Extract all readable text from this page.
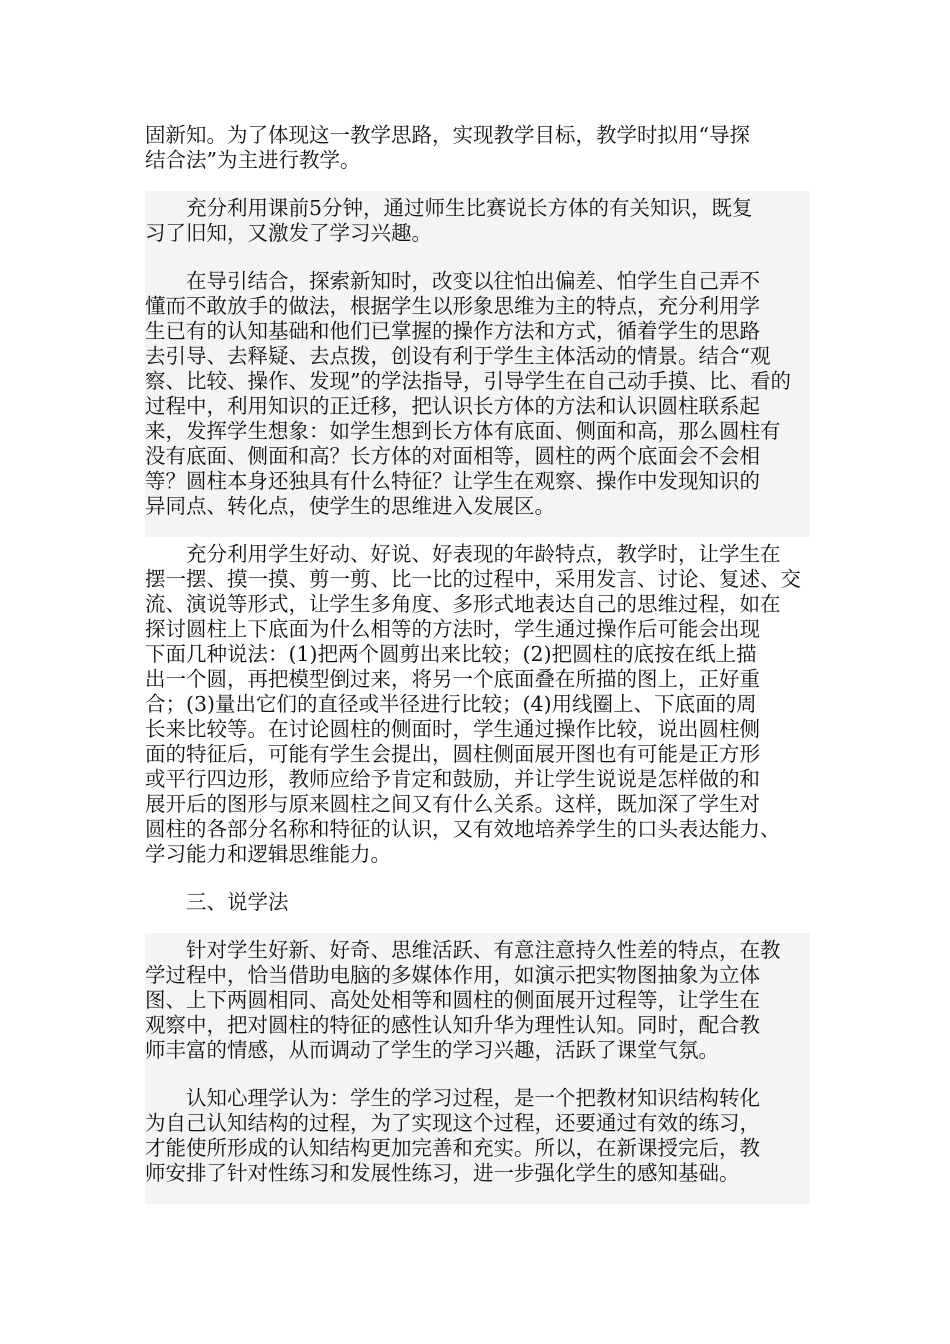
固新知。为了体现这一教学思路，实现教学目标，教学时拟用“导探
结合法”为主进行教学。
　　充分利用课前5分钟，通过师生比赛说长方体的有关知识，既复
习了旧知，又激发了学习兴趣。
　　在导引结合，探索新知时，改变以往怕出偏差、怕学生自己弄不
懂而不敢放手的做法，根据学生以形象思维为主的特点，充分利用学
生已有的认知基础和他们已掌握的操作方法和方式，循着学生的思路
去引导、去释疑、去点拨，创设有利于学生主体活动的情景。结合“观
察、比较、操作、发现”的学法指导，引导学生在自己动手摸、比、看的
过程中，利用知识的正迁移，把认识长方体的方法和认识圆柱联系起
来，发挥学生想象：如学生想到长方体有底面、侧面和高，那么圆柱有
没有底面、侧面和高？长方体的对面相等，圆柱的两个底面会不会相
等？圆柱本身还独具有什么特征？让学生在观察、操作中发现知识的
异同点、转化点，使学生的思维进入发展区。
　　充分利用学生好动、好说、好表现的年龄特点，教学时，让学生在
摆一摆、摸一摸、剪一剪、比一比的过程中，采用发言、讨论、复述、交
流、演说等形式，让学生多角度、多形式地表达自己的思维过程，如在
探讨圆柱上下底面为什么相等的方法时，学生通过操作后可能会出现
下面几种说法：(1)把两个圆剪出来比较；(2)把圆柱的底按在纸上描
出一个圆，再把模型倒过来，将另一个底面叠在所描的图上，正好重
合；(3)量出它们的直径或半径进行比较；(4)用线圈上、下底面的周
长来比较等。在讨论圆柱的侧面时，学生通过操作比较，说出圆柱侧
面的特征后，可能有学生会提出，圆柱侧面展开图也有可能是正方形
或平行四边形，教师应给予肯定和鼓励，并让学生说说是怎样做的和
展开后的图形与原来圆柱之间又有什么关系。这样，既加深了学生对
圆柱的各部分名称和特征的认识，又有效地培养学生的口头表达能力、
学习能力和逻辑思维能力。
　　三、说学法
　　针对学生好新、好奇、思维活跃、有意注意持久性差的特点，在教
学过程中，恰当借助电脑的多媒体作用，如演示把实物图抽象为立体
图、上下两圆相同、高处处相等和圆柱的侧面展开过程等，让学生在
观察中，把对圆柱的特征的感性认知升华为理性认知。同时，配合教
师丰富的情感，从而调动了学生的学习兴趣，活跃了课堂气氛。
　　认知心理学认为：学生的学习过程，是一个把教材知识结构转化
为自己认知结构的过程，为了实现这个过程，还要通过有效的练习，
才能使所形成的认知结构更加完善和充实。所以，在新课授完后，教
师安排了针对性练习和发展性练习，进一步强化学生的感知基础。
